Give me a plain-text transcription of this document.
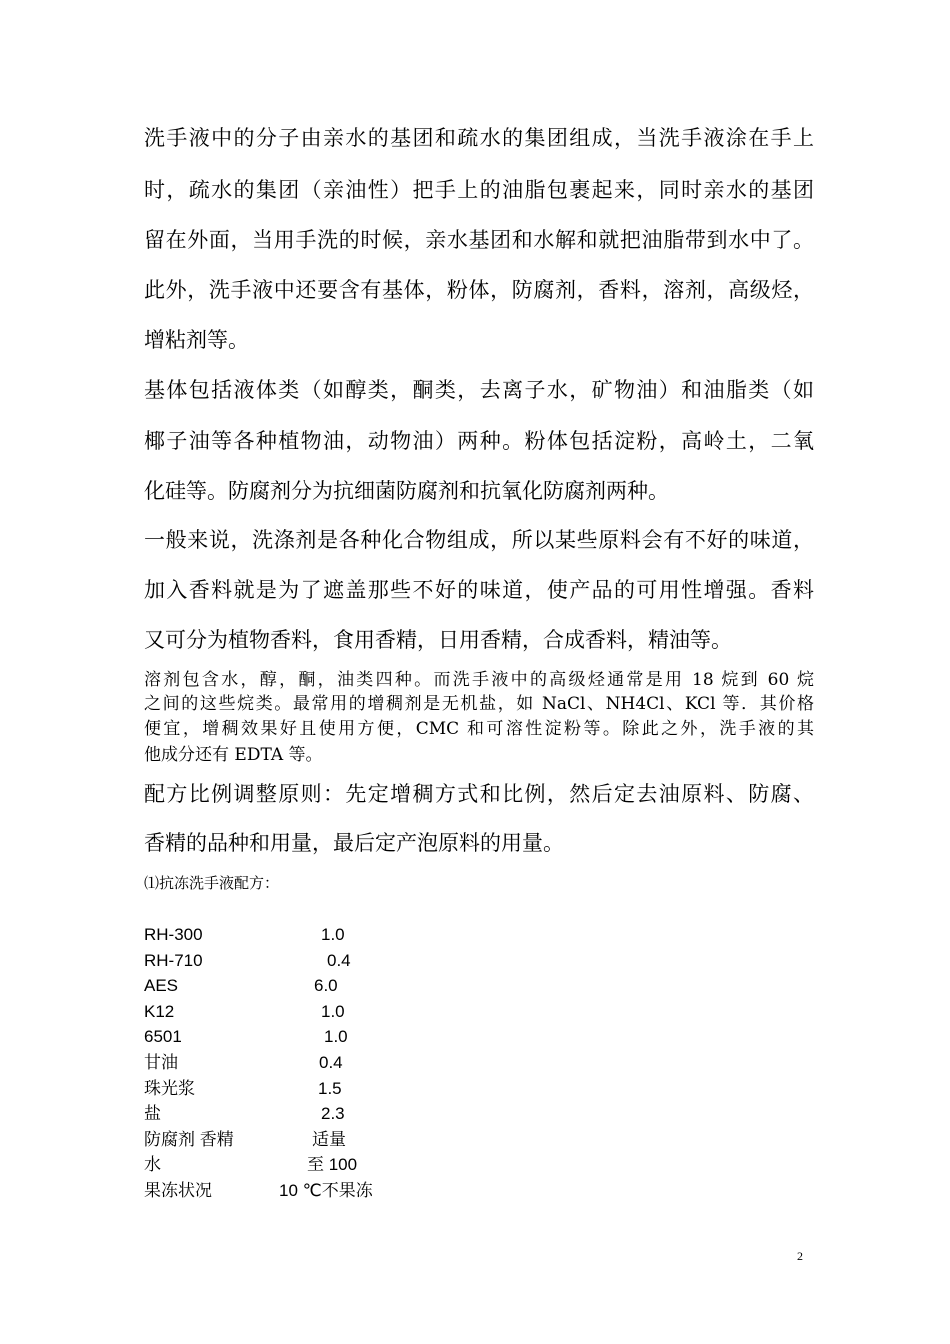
洗手液中的分子由亲水的基团和疏水的集团组成，当洗手液涂在手上
时，疏水的集团（亲油性）把手上的油脂包裹起来，同时亲水的基团
留在外面，当用手洗的时候，亲水基团和水解和就把油脂带到水中了。
此外，洗手液中还要含有基体，粉体，防腐剂，香料，溶剂，高级烃，
增粘剂等。
基体包括液体类（如醇类，酮类，去离子水，矿物油）和油脂类（如
椰子油等各种植物油，动物油）两种。粉体包括淀粉，高岭土，二氧
化硅等。防腐剂分为抗细菌防腐剂和抗氧化防腐剂两种。
一般来说，洗涤剂是各种化合物组成，所以某些原料会有不好的味道，
加入香料就是为了遮盖那些不好的味道，使产品的可用性增强。香料
又可分为植物香料，食用香精，日用香精，合成香料，精油等。
溶剂包含水，醇，酮，油类四种。而洗手液中的高级烃通常是用 18 烷到 60 烷
之间的这些烷类。最常用的增稠剂是无机盐，如 NaCl、NH4Cl、KCl 等．其价格
便宜，增稠效果好且使用方便，CMC 和可溶性淀粉等。除此之外，洗手液的其
他成分还有 EDTA 等。
配方比例调整原则：先定增稠方式和比例，然后定去油原料、防腐、
香精的品种和用量，最后定产泡原料的用量。
⑴抗冻洗手液配方：
RH-300	1.0
RH-710	0.4
AES	6.0
K12	1.0
6501	1.0
甘油	0.4
珠光浆	1.5
盐	2.3
防腐剂 香精	适量
水	至 100
果冻状况	10 ℃不果冻
2
